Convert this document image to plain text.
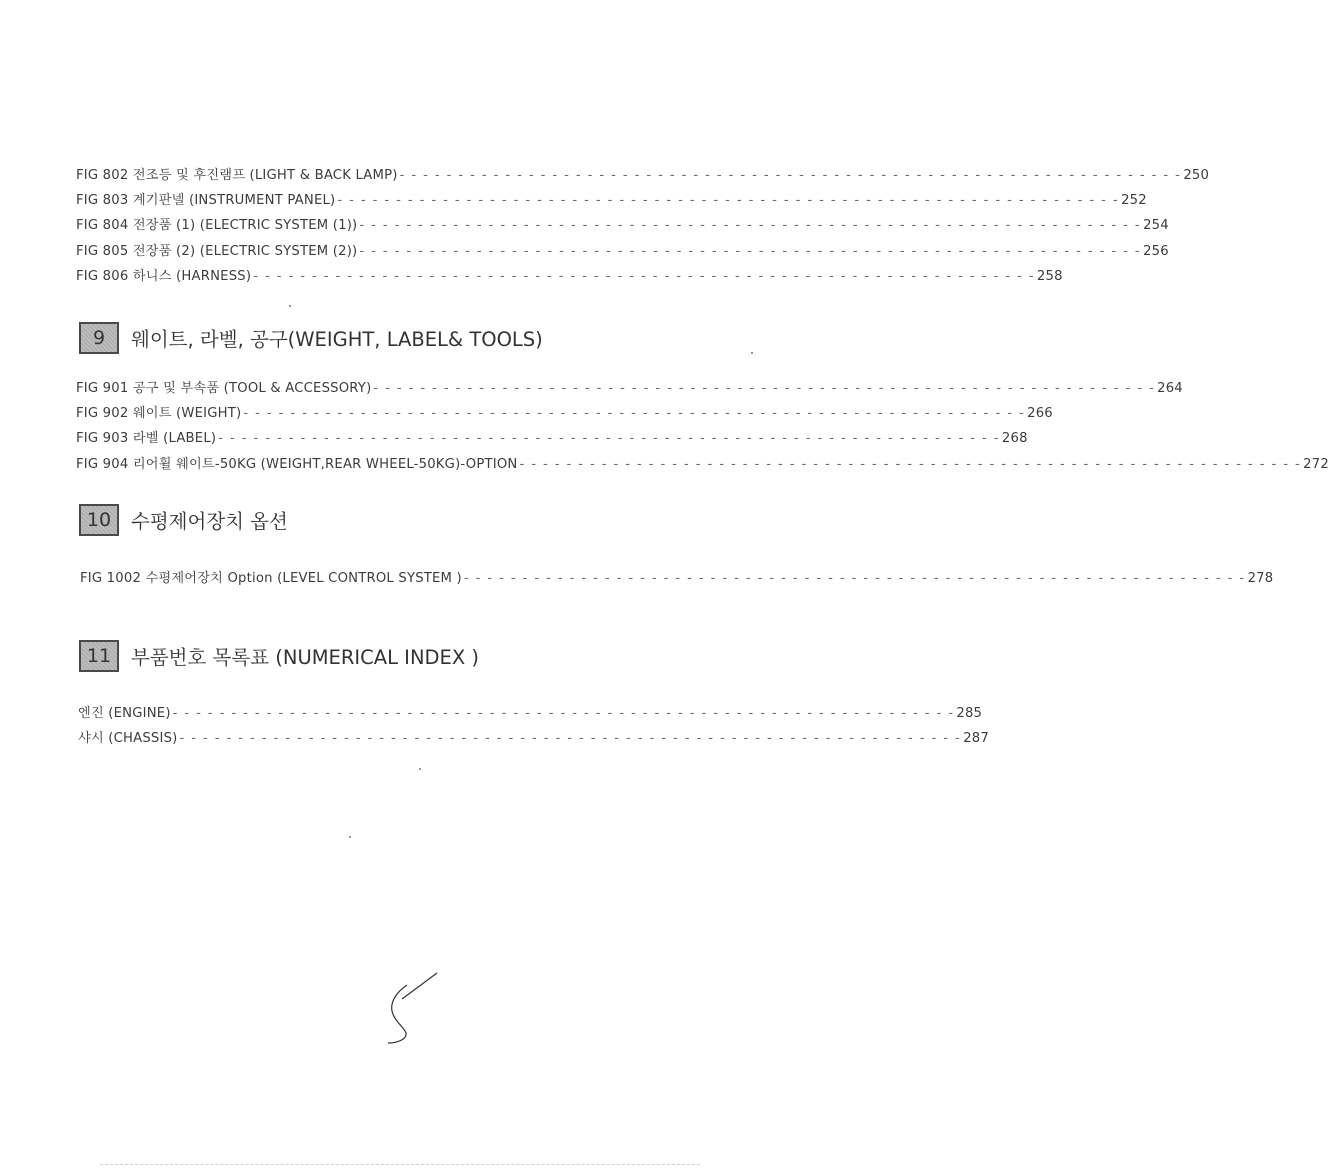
FIG 802 전조등 및 후진램프 (LIGHT & BACK LAMP) - - - - - - - - - - - - - - - - - - - - - - - - - - - - - - - - - - - - - - - - - - - - - - - - - - - - - - - - - - - - - - - - - - - 250
FIG 803 계기판넬 (INSTRUMENT PANEL) - - - - - - - - - - - - - - - - - - - - - - - - - - - - - - - - - - - - - - - - - - - - - - - - - - - - - - - - - - - - - - - - - - - 252
FIG 804 전장품 (1) (ELECTRIC SYSTEM (1)) - - - - - - - - - - - - - - - - - - - - - - - - - - - - - - - - - - - - - - - - - - - - - - - - - - - - - - - - - - - - - - - - - - - 254
FIG 805 전장품 (2) (ELECTRIC SYSTEM (2)) - - - - - - - - - - - - - - - - - - - - - - - - - - - - - - - - - - - - - - - - - - - - - - - - - - - - - - - - - - - - - - - - - - - 256
FIG 806 하니스 (HARNESS) - - - - - - - - - - - - - - - - - - - - - - - - - - - - - - - - - - - - - - - - - - - - - - - - - - - - - - - - - - - - - - - - - - - 258
9	웨이트, 라벨, 공구(WEIGHT, LABEL& TOOLS)
FIG 901 공구 및 부속품 (TOOL & ACCESSORY) - - - - - - - - - - - - - - - - - - - - - - - - - - - - - - - - - - - - - - - - - - - - - - - - - - - - - - - - - - - - - - - - - - - 264
FIG 902 웨이트 (WEIGHT) - - - - - - - - - - - - - - - - - - - - - - - - - - - - - - - - - - - - - - - - - - - - - - - - - - - - - - - - - - - - - - - - - - - 266
FIG 903 라벨 (LABEL) - - - - - - - - - - - - - - - - - - - - - - - - - - - - - - - - - - - - - - - - - - - - - - - - - - - - - - - - - - - - - - - - - - - 268
FIG 904 리어휠 웨이트-50KG (WEIGHT,REAR WHEEL-50KG)-OPTION - - - - - - - - - - - - - - - - - - - - - - - - - - - - - - - - - - - - - - - - - - - - - - - - - - - - - - - - - - - - - - - - - - - 272
10	수평제어장치 옵션
FIG 1002 수평제어장치 Option (LEVEL CONTROL SYSTEM ) - - - - - - - - - - - - - - - - - - - - - - - - - - - - - - - - - - - - - - - - - - - - - - - - - - - - - - - - - - - - - - - - - - - 278
11	부품번호 목록표 (NUMERICAL INDEX )
엔진 (ENGINE) - - - - - - - - - - - - - - - - - - - - - - - - - - - - - - - - - - - - - - - - - - - - - - - - - - - - - - - - - - - - - - - - - - - 285
샤시 (CHASSIS) - - - - - - - - - - - - - - - - - - - - - - - - - - - - - - - - - - - - - - - - - - - - - - - - - - - - - - - - - - - - - - - - - - - 287
